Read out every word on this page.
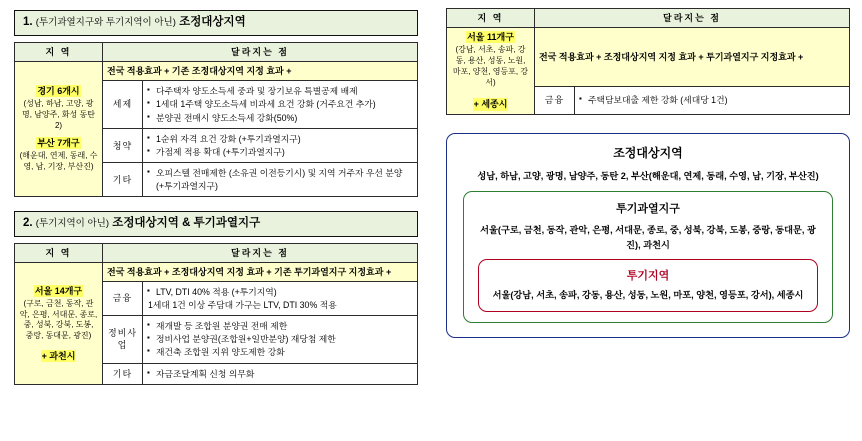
1. (투기과열지구와 투기지역이 아닌) 조정대상지역
지 역	달라지는 점	
경기 6개시
(성남, 하남, 고양, 광명, 남양주, 화성 동탄2)
부산 7개구
(해운대, 연제, 동래, 수영, 남, 기장, 부산진)	전국 적용효과 + 기존 조정대상지역 지정 효과 +	
세제	
▪ 다주택자 양도소득세 중과 및 장기보유 특별공제 배제
▪ 1세대 1주택 양도소득세 비과세 요건 강화 (거주요건 추가)
▪ 분양권 전매시 양도소득세 강화(50%)

청약	
▪ 1순위 자격 요건 강화 (+투기과열지구)
▪ 가점제 적용 확대 (+투기과열지구)

기타	
▪ 오피스텔 전매제한 (소유권 이전등기시) 및 지역 거주자 우선 분양 (+투기과열지구)
2. (투기지역이 아닌) 조정대상지역 & 투기과열지구
지 역	달라지는 점	
서울 14개구
(구로, 금천, 동작, 관악, 은평, 서대문, 종로, 중, 성북, 강북, 도봉, 중랑, 동대문, 광진)
+ 과천시	전국 적용효과 + 조정대상지역 지정 효과 + 기존 투기과열지구 지정효과 +	
금융	
▪ LTV, DTI 40% 적용 (+투기지역)
1세대 1건 이상 주담대 가구는 LTV, DTI 30% 적용

정비사업	
▪ 재개발 등 조합원 분양권 전매 제한
▪ 정비사업 분양권(조합원+일반분양) 재당첨 제한
▪ 재건축 조합원 지위 양도제한 강화

기타	
▪자금조달계획 신청 의무화
지 역	달라지는 점	
서울 11개구
(강남, 서초, 송파, 강동, 용산, 성동, 노원, 마포, 양천, 영등포, 강서)
+ 세종시	전국 적용효과 + 조정대상지역 지정 효과 + 투기과열지구 지정효과 +	
금융	
▪주택담보대출 제한 강화 (세대당 1건)
조정대상지역
성남, 하남, 고양, 광명, 남양주, 동탄 2, 부산(해운대, 연제, 동래, 수영, 남, 기장, 부산진)
투기과열지구
서울(구로, 금천, 동작, 관악, 은평, 서대문, 종로, 중, 성북, 강북, 도봉, 중랑, 동대문, 광진), 과천시
투기지역
서울(강남, 서초, 송파, 강동, 용산, 성동, 노원, 마포, 양천, 영등포, 강서), 세종시
